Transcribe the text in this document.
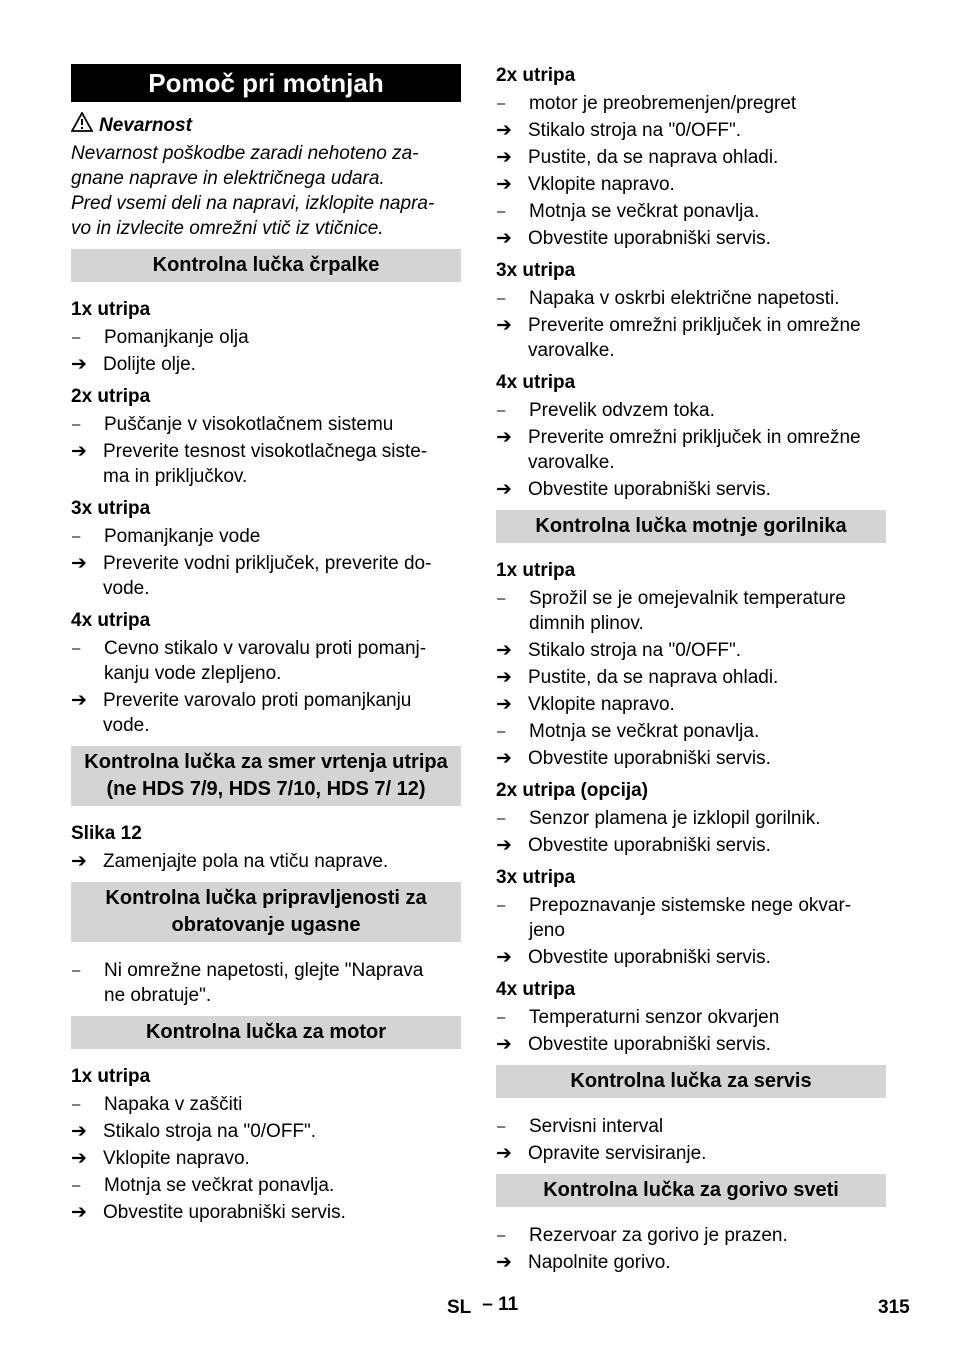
Pomoč pri motnjah
Nevarnost
Nevarnost poškodbe zaradi nehoteno za-
gnane naprave in električnega udara.
Pred vsemi deli na napravi, izklopite napra-
vo in izvlecite omrežni vtič iz vtičnice.
Kontrolna lučka črpalke
1x utripa
–	Pomanjkanje olja
➔ Dolijte olje.
2x utripa
–	Puščanje v visokotlačnem sistemu
➔ Preverite tesnost visokotlačnega siste-
ma in priključkov.
3x utripa
–	Pomanjkanje vode
➔ Preverite vodni priključek, preverite do-
vode.
4x utripa
–	Cevno stikalo v varovalu proti pomanj-
kanju vode zlepljeno.
➔ Preverite varovalo proti pomanjkanju
vode.
Kontrolna lučka za smer vrtenja utripa (ne HDS 7/9, HDS 7/10, HDS 7/ 12)
Slika 12
➔ Zamenjajte pola na vtiču naprave.
Kontrolna lučka pripravljenosti za obratovanje ugasne
–	Ni omrežne napetosti, glejte "Naprava
ne obratuje".
Kontrolna lučka za motor
1x utripa
–	Napaka v zaščiti
➔ Stikalo stroja na "0/OFF".
➔ Vklopite napravo.
–	Motnja se večkrat ponavlja.
➔ Obvestite uporabniški servis.
2x utripa
–	motor je preobremenjen/pregret
➔ Stikalo stroja na "0/OFF".
➔ Pustite, da se naprava ohladi.
➔ Vklopite napravo.
–	Motnja se večkrat ponavlja.
➔ Obvestite uporabniški servis.
3x utripa
–	Napaka v oskrbi električne napetosti.
➔ Preverite omrežni priključek in omrežne
varovalke.
4x utripa
–	Prevelik odvzem toka.
➔ Preverite omrežni priključek in omrežne
varovalke.
➔ Obvestite uporabniški servis.
Kontrolna lučka motnje gorilnika
1x utripa
–	Sprožil se je omejevalnik temperature
dimnih plinov.
➔ Stikalo stroja na "0/OFF".
➔ Pustite, da se naprava ohladi.
➔ Vklopite napravo.
–	Motnja se večkrat ponavlja.
➔ Obvestite uporabniški servis.
2x utripa (opcija)
–	Senzor plamena je izklopil gorilnik.
➔ Obvestite uporabniški servis.
3x utripa
–	Prepoznavanje sistemske nege okvar-
jeno
➔ Obvestite uporabniški servis.
4x utripa
–	Temperaturni senzor okvarjen
➔ Obvestite uporabniški servis.
Kontrolna lučka za servis
–	Servisni interval
➔ Opravite servisiranje.
Kontrolna lučka za gorivo sveti
–	Rezervoar za gorivo je prazen.
➔ Napolnite gorivo.
SL – 11	315
